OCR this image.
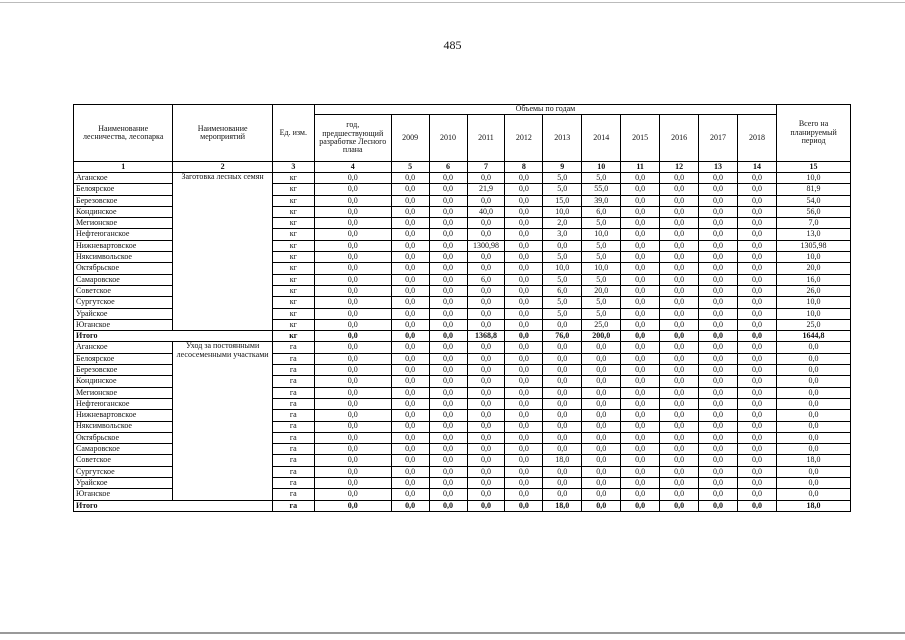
485
Наименование лесничества, лесопарка	Наименование мероприятий	Ед. изм.	Объемы по годам											Всего на планируемый период
			год, предшествующий разработке Лесного плана	2009	2010	2011	2012	2013	2014	2015	2016	2017	2018	
1	2	3	4	5	6	7	8	9	10	11	12	13	14	15
Аганское	Заготовка лесных семян	кг	0,0	0,0	0,0	0,0	0,0	5,0	5,0	0,0	0,0	0,0	0,0	10,0
Белоярское		кг	0,0	0,0	0,0	21,9	0,0	5,0	55,0	0,0	0,0	0,0	0,0	81,9
Березовское		кг	0,0	0,0	0,0	0,0	0,0	15,0	39,0	0,0	0,0	0,0	0,0	54,0
Кондинское		кг	0,0	0,0	0,0	40,0	0,0	10,0	6,0	0,0	0,0	0,0	0,0	56,0
Мегионское		кг	0,0	0,0	0,0	0,0	0,0	2,0	5,0	0,0	0,0	0,0	0,0	7,0
Нефтеюганское		кг	0,0	0,0	0,0	0,0	0,0	3,0	10,0	0,0	0,0	0,0	0,0	13,0
Нижневартовское		кг	0,0	0,0	0,0	1300,98	0,0	0,0	5,0	0,0	0,0	0,0	0,0	1305,98
Няксимвольское		кг	0,0	0,0	0,0	0,0	0,0	5,0	5,0	0,0	0,0	0,0	0,0	10,0
Октябрьское		кг	0,0	0,0	0,0	0,0	0,0	10,0	10,0	0,0	0,0	0,0	0,0	20,0
Самаровское		кг	0,0	0,0	0,0	6,0	0,0	5,0	5,0	0,0	0,0	0,0	0,0	16,0
Советское		кг	0,0	0,0	0,0	0,0	0,0	6,0	20,0	0,0	0,0	0,0	0,0	26,0
Сургутское		кг	0,0	0,0	0,0	0,0	0,0	5,0	5,0	0,0	0,0	0,0	0,0	10,0
Урайское		кг	0,0	0,0	0,0	0,0	0,0	5,0	5,0	0,0	0,0	0,0	0,0	10,0
Юганское		кг	0,0	0,0	0,0	0,0	0,0	0,0	25,0	0,0	0,0	0,0	0,0	25,0
Итого		кг	0,0	0,0	0,0	1368,8	0,0	76,0	200,0	0,0	0,0	0,0	0,0	1644,8
Аганское	Уход за постоянными лесосеменными участками	га	0,0	0,0	0,0	0,0	0,0	0,0	0,0	0,0	0,0	0,0	0,0	0,0
Белоярское		га	0,0	0,0	0,0	0,0	0,0	0,0	0,0	0,0	0,0	0,0	0,0	0,0
Березовское		га	0,0	0,0	0,0	0,0	0,0	0,0	0,0	0,0	0,0	0,0	0,0	0,0
Кондинское		га	0,0	0,0	0,0	0,0	0,0	0,0	0,0	0,0	0,0	0,0	0,0	0,0
Мегионское		га	0,0	0,0	0,0	0,0	0,0	0,0	0,0	0,0	0,0	0,0	0,0	0,0
Нефтеюганское		га	0,0	0,0	0,0	0,0	0,0	0,0	0,0	0,0	0,0	0,0	0,0	0,0
Нижневартовское		га	0,0	0,0	0,0	0,0	0,0	0,0	0,0	0,0	0,0	0,0	0,0	0,0
Няксимвольское		га	0,0	0,0	0,0	0,0	0,0	0,0	0,0	0,0	0,0	0,0	0,0	0,0
Октябрьское		га	0,0	0,0	0,0	0,0	0,0	0,0	0,0	0,0	0,0	0,0	0,0	0,0
Самаровское		га	0,0	0,0	0,0	0,0	0,0	0,0	0,0	0,0	0,0	0,0	0,0	0,0
Советское		га	0,0	0,0	0,0	0,0	0,0	18,0	0,0	0,0	0,0	0,0	0,0	18,0
Сургутское		га	0,0	0,0	0,0	0,0	0,0	0,0	0,0	0,0	0,0	0,0	0,0	0,0
Урайское		га	0,0	0,0	0,0	0,0	0,0	0,0	0,0	0,0	0,0	0,0	0,0	0,0
Юганское		га	0,0	0,0	0,0	0,0	0,0	0,0	0,0	0,0	0,0	0,0	0,0	0,0
Итого		га	0,0	0,0	0,0	0,0	0,0	18,0	0,0	0,0	0,0	0,0	0,0	18,0
